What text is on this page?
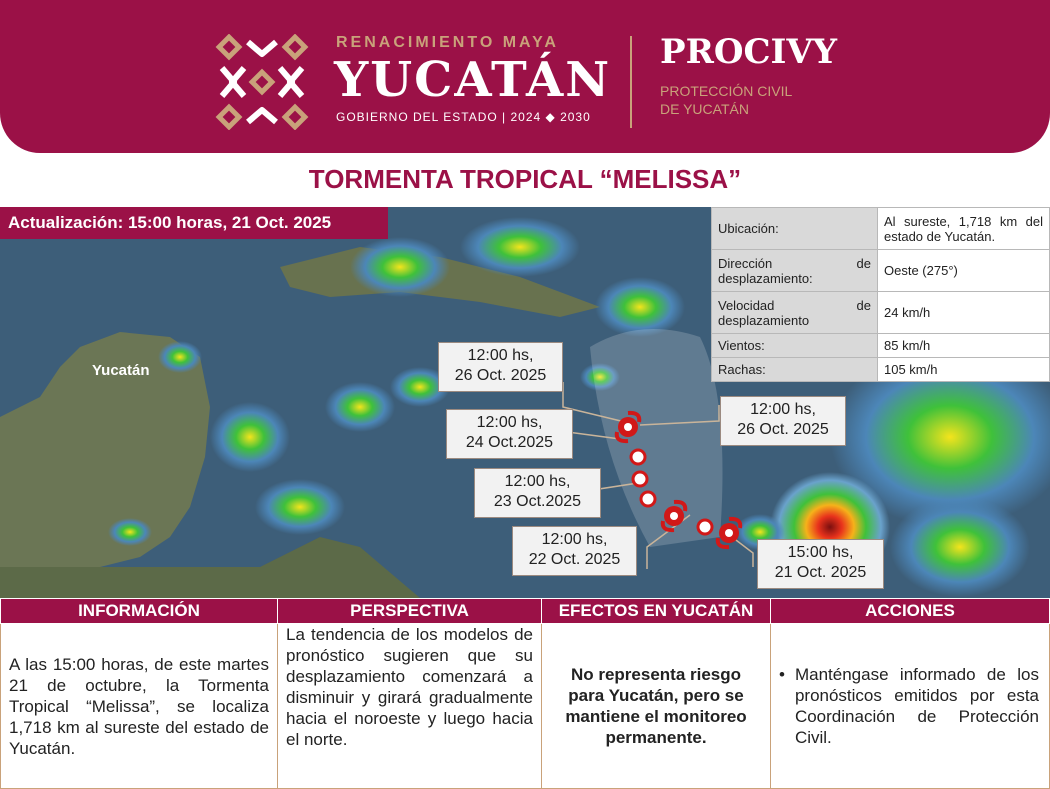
RENACIMIENTO MAYA
YUCATÁN
GOBIERNO DEL ESTADO | 2024 ◆ 2030
PROCIVY
PROTECCIÓN CIVIL
DE YUCATÁN
TORMENTA TROPICAL “MELISSA”
Actualización: 15:00 horas, 21 Oct. 2025
Yucatán
12:00 hs,
26 Oct. 2025
12:00 hs,
24 Oct.2025
12:00 hs,
23 Oct.2025
12:00 hs,
22 Oct. 2025
12:00 hs,
26 Oct. 2025
15:00 hs,
21 Oct. 2025
Ubicación:	Al sureste, 1,718 km del estado de Yucatán.
Dirección de desplazamiento:	Oeste (275°)
Velocidad de desplazamiento	24 km/h
Vientos:	85 km/h
Rachas:	105 km/h
INFORMACIÓN	PERSPECTIVA	EFECTOS EN YUCATÁN	ACCIONES
A las 15:00 horas, de este martes 21 de octubre, la Tormenta Tropical “Melissa”, se localiza 1,718 km al sureste del estado de Yucatán.	La tendencia de los modelos de pronóstico sugieren que su desplazamiento comenzará a disminuir y girará gradualmente hacia el noroeste y luego hacia el norte.	No representa riesgo para Yucatán, pero se mantiene el monitoreo permanente.	• Manténgase informado de los pronósticos emitidos por esta Coordinación de Protección Civil.
